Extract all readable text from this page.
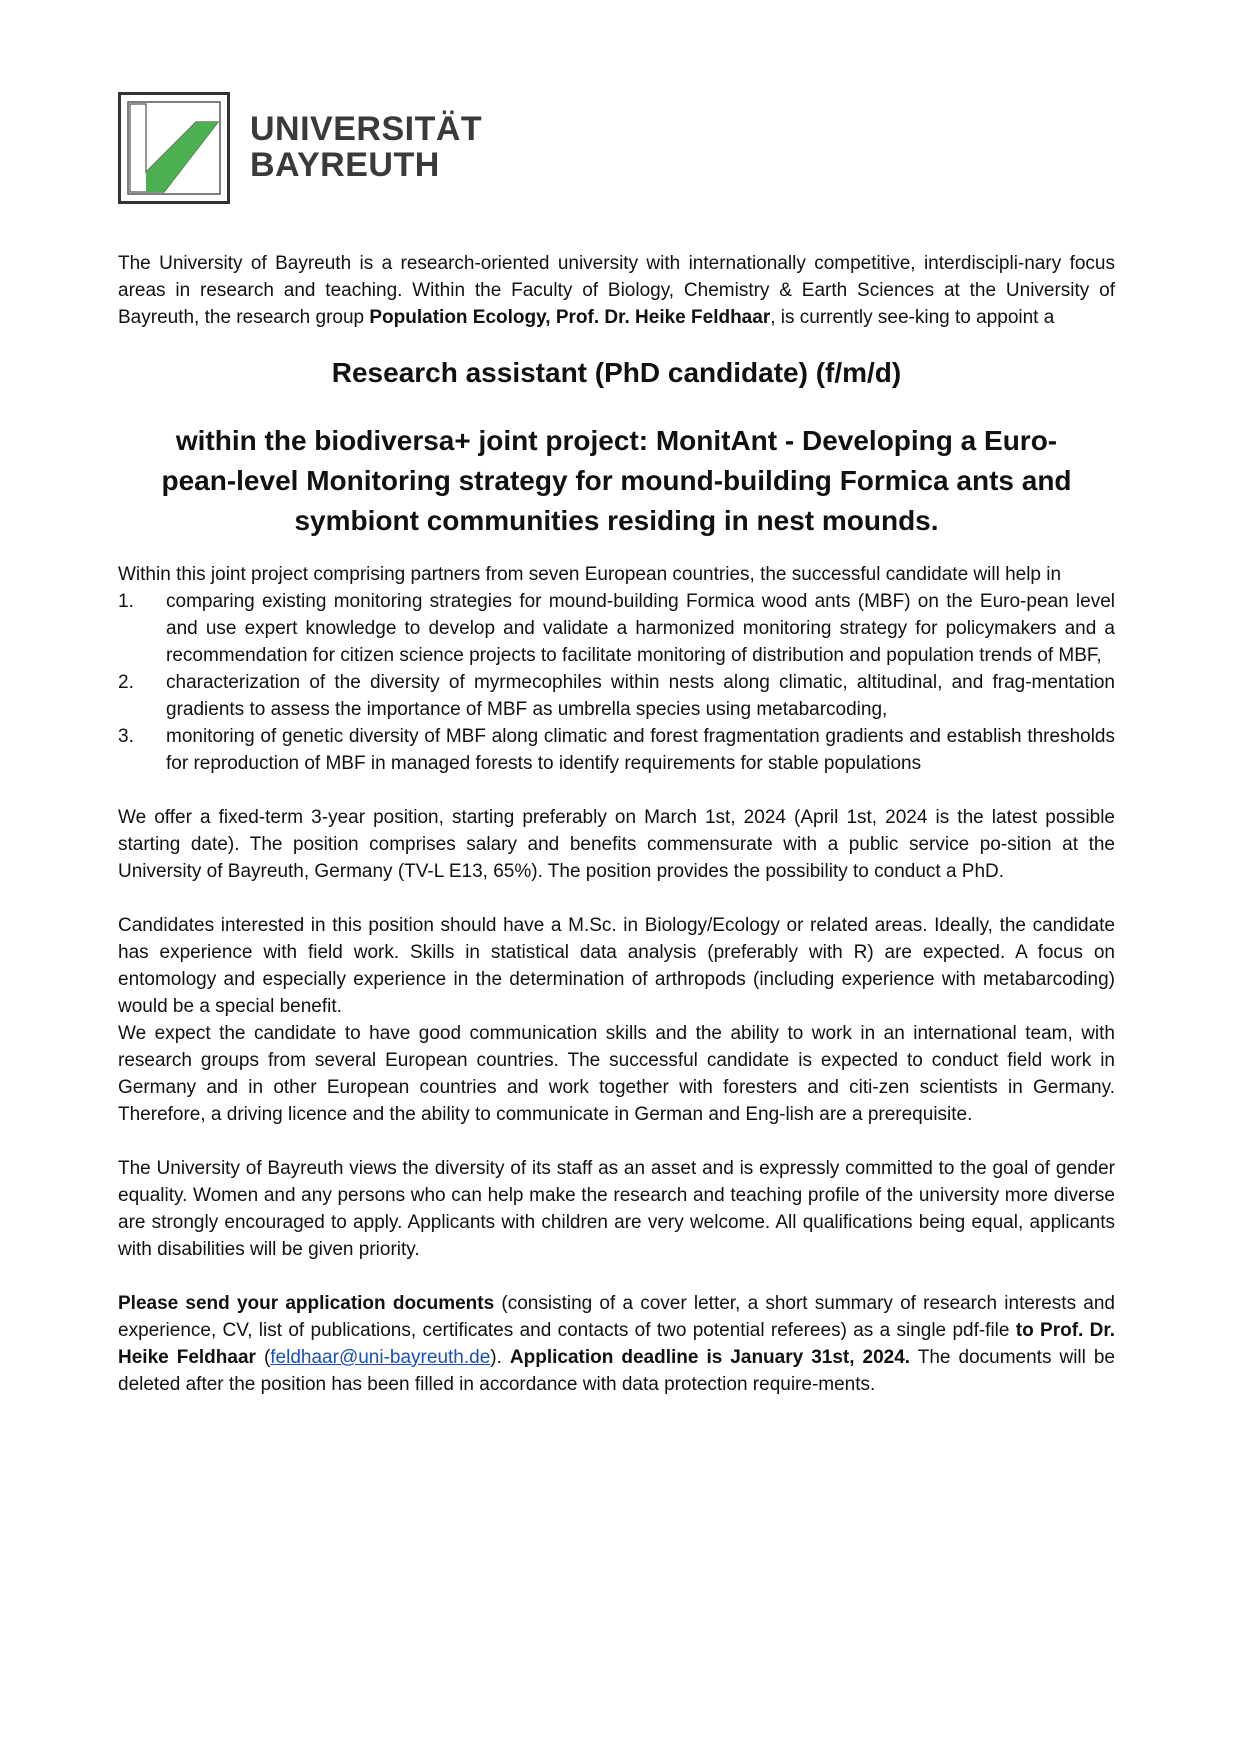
UNIVERSITÄT
BAYREUTH

The University of Bayreuth is a research-oriented university with internationally competitive, interdiscipli-nary focus areas in research and teaching. Within the Faculty of Biology, Chemistry & Earth Sciences at the University of Bayreuth, the research group Population Ecology, Prof. Dr. Heike Feldhaar, is currently see-king to appoint a

Research assistant (PhD candidate) (f/m/d)
within the biodiversa+ joint project: MonitAnt - Developing a Euro-pean-level Monitoring strategy for mound-building Formica ants and symbiont communities residing in nest mounds.

Within this joint project comprising partners from seven European countries, the successful candidate will help in

1.	comparing existing monitoring strategies for mound-building Formica wood ants (MBF) on the Euro-pean level and use expert knowledge to develop and validate a harmonized monitoring strategy for policymakers and a recommendation for citizen science projects to facilitate monitoring of distribution and population trends of MBF,
2.	characterization of the diversity of myrmecophiles within nests along climatic, altitudinal, and frag-mentation gradients to assess the importance of MBF as umbrella species using metabarcoding,
3.	monitoring of genetic diversity of MBF along climatic and forest fragmentation gradients and establish thresholds for reproduction of MBF in managed forests to identify requirements for stable populations

We offer a fixed-term 3-year position, starting preferably on March 1st, 2024 (April 1st, 2024 is the latest possible starting date). The position comprises salary and benefits commensurate with a public service po-sition at the University of Bayreuth, Germany (TV-L E13, 65%). The position provides the possibility to conduct a PhD.

Candidates interested in this position should have a M.Sc. in Biology/Ecology or related areas. Ideally, the candidate has experience with field work. Skills in statistical data analysis (preferably with R) are expected. A focus on entomology and especially experience in the determination of arthropods (including experience with metabarcoding) would be a special benefit.

We expect the candidate to have good communication skills and the ability to work in an international team, with research groups from several European countries. The successful candidate is expected to conduct field work in Germany and in other European countries and work together with foresters and citi-zen scientists in Germany. Therefore, a driving licence and the ability to communicate in German and Eng-lish are a prerequisite.

The University of Bayreuth views the diversity of its staff as an asset and is expressly committed to the goal of gender equality. Women and any persons who can help make the research and teaching profile of the university more diverse are strongly encouraged to apply. Applicants with children are very welcome. All qualifications being equal, applicants with disabilities will be given priority.

Please send your application documents (consisting of a cover letter, a short summary of research interests and experience, CV, list of publications, certificates and contacts of two potential referees) as a single pdf-file to Prof. Dr. Heike Feldhaar (feldhaar@uni-bayreuth.de). Application deadline is January 31st, 2024. The documents will be deleted after the position has been filled in accordance with data protection require-ments.
